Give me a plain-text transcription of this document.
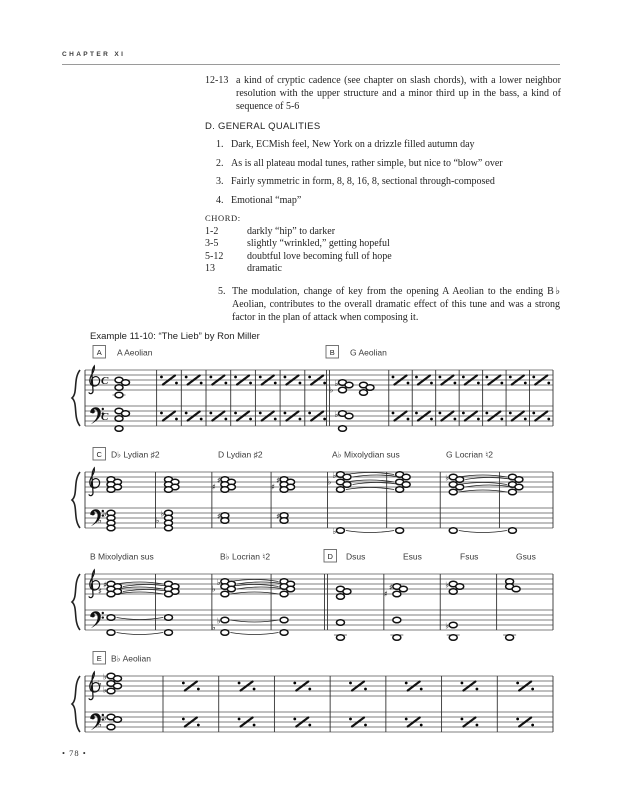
CHAPTER XI
12-13 a kind of cryptic cadence (see chapter on slash chords), with a lower neighbor resolution with the upper structure and a minor third up in the bass, a kind of sequence of 5-6
D. GENERAL QUALITIES
1. Dark, ECMish feel, New York on a drizzle filled autumn day
2. As is all plateau modal tunes, rather simple, but nice to “blow” over
3. Fairly symmetric in form, 8, 8, 16, 8, sectional through-composed
4. Emotional “map”
CHORD:
1-2	darkly “hip” to darker
3-5	slightly “wrinkled,” getting hopeful
5-12	doubtful love becoming full of hope
13	dramatic
5. The modulation, change of key from the opening A Aeolian to the ending B♭ Aeolian, contributes to the overall dramatic effect of this tune and was a strong factor in the plan of attack when composing it.
Example 11-10: “The Lieb” by Ron Miller
A	B
A Aeolian	G Aeolian
C
C
♭
♭
♭
C D♭ Lydian ♯2	D Lydian ♯2	A♭ Mixolydian sus	G Locrian ♮2
♭
♭
♭
♭
♯
♯
♯
♯
♯
♯
♭
♭
♭
♭
D
B Mixolydian sus	B♭ Locrian ♮2	Dsus	Esus	Fsus	Gsus
♯
♯
♭
♭
♭
♭
♯
♯
♭
♭
E B♭ Aeolian
♭
♭
♭
♭
♭
• 78 •
